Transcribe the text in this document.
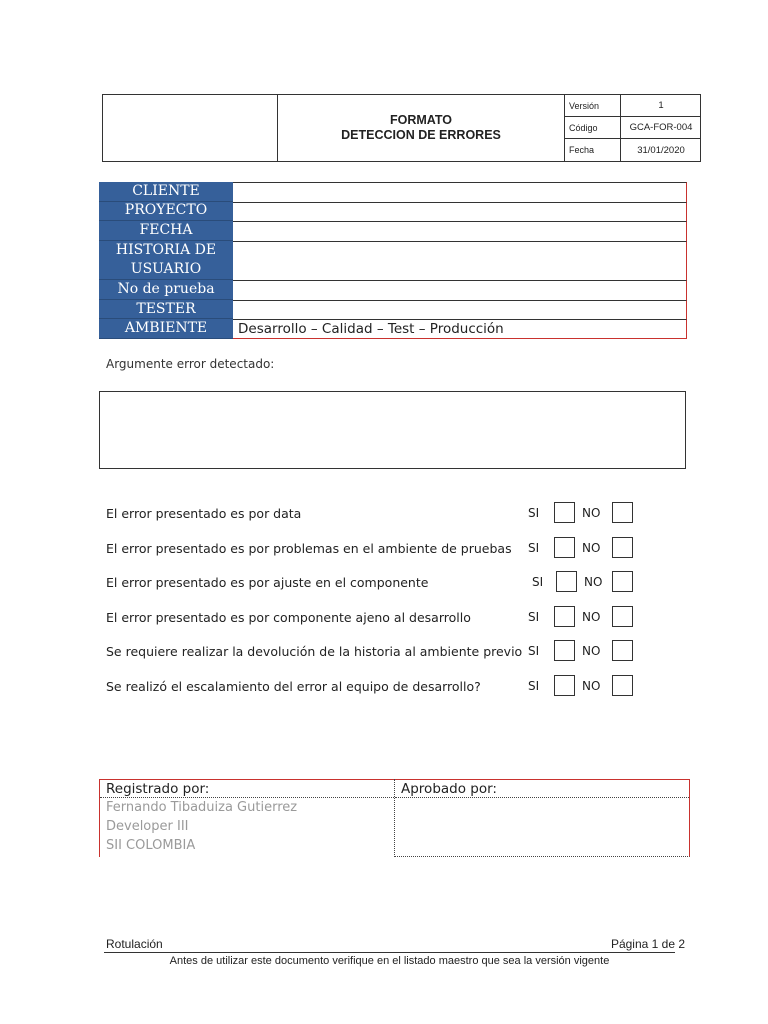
FORMATO
DETECCION DE ERRORES
Versión	1
Código	GCA-FOR-004
Fecha	31/01/2020
CLIENTE
PROYECTO
FECHA
HISTORIA DE USUARIO
No de prueba
TESTER
AMBIENTE	Desarrollo – Calidad – Test – Producción
Argumente error detectado:
El error presentado es por data	SI	NO
El error presentado es por problemas en el ambiente de pruebas	SI	NO
El error presentado es por ajuste en el componente	SI	NO
El error presentado es por componente ajeno al desarrollo	SI	NO
Se requiere realizar la devolución de la historia al ambiente previo SI	NO
Se realizó el escalamiento del error al equipo de desarrollo?	SI	NO
Registrado por:
Fernando Tibaduiza Gutierrez
Developer III
SII COLOMBIA
Aprobado por:
Rotulación	Página 1 de 2
Antes de utilizar este documento verifique en el listado maestro que sea la versión vigente
